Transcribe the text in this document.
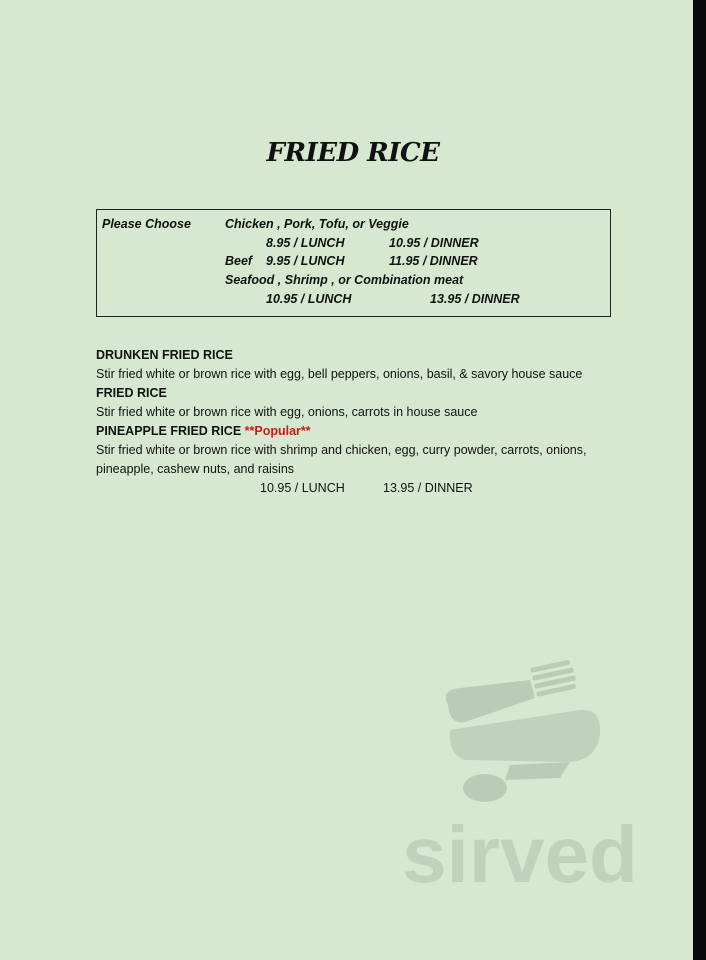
FRIED RICE
Please Choose	Chicken , Pork, Tofu, or Veggie
8.95 / LUNCH	10.95 / DINNER
Beef 9.95 / LUNCH	11.95 / DINNER
Seafood , Shrimp , or Combination meat
10.95 / LUNCH	13.95 / DINNER
DRUNKEN FRIED RICE
Stir fried white or brown rice with egg, bell peppers, onions, basil, & savory house sauce
FRIED RICE
Stir fried white or brown rice with egg, onions, carrots in house sauce
PINEAPPLE FRIED RICE **Popular**
Stir fried white or brown rice with shrimp and chicken, egg, curry powder, carrots, onions,
pineapple, cashew nuts, and raisins
10.95 / LUNCH	13.95 / DINNER
sirved
